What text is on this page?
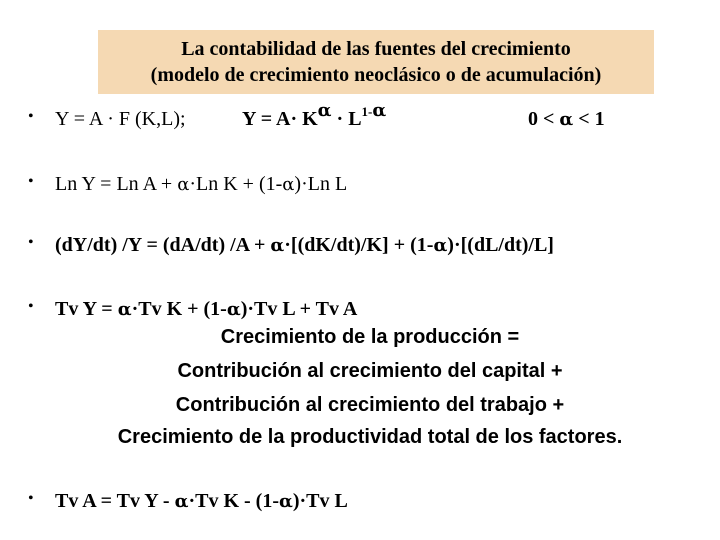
La contabilidad de las fuentes del crecimiento
(modelo de crecimiento neoclásico o de acumulación)
• Y = A · F (K,L);	$Y = A\cdot K^\alpha \cdot L^{1-\alpha}$	0 < α < 1
• Ln Y = Ln A + α·Ln K + (1-α)·Ln L
• (dY/dt) /Y = (dA/dt) /A + α·[(dK/dt)/K] + (1-α)·[(dL/dt)/L]
• Tv Y = α·Tv K + (1-α)·Tv L + Tv A
Crecimiento de la producción =
Contribución al crecimiento del capital +
Contribución al crecimiento del trabajo +
Crecimiento de la productividad total de los factores.
• Tv A = Tv Y - α·Tv K - (1-α)·Tv L
